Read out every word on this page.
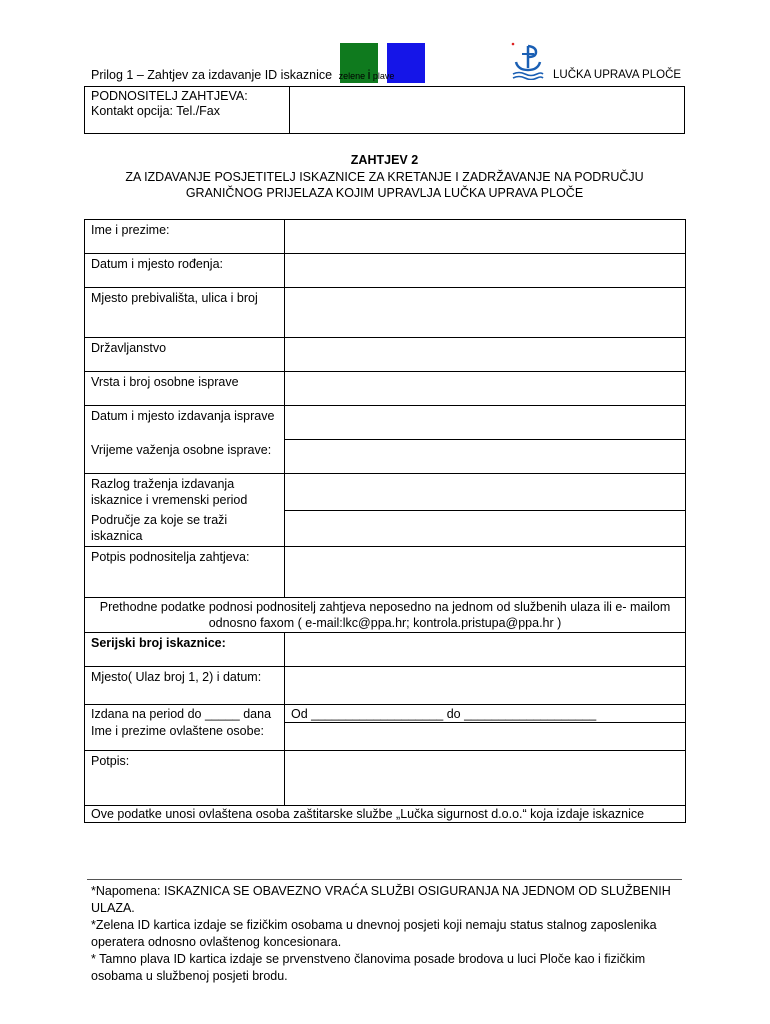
Prilog 1 – Zahtjev za izdavanje ID iskaznice zelene i plave	LUČKA UPRAVA PLOČE
PODNOSITELJ ZAHTJEVA:
Kontakt opcija: Tel./Fax
ZAHTJEV 2
ZA IZDAVANJE POSJETITELJ ISKAZNICE ZA KRETANJE I ZADRŽAVANJE NA PODRUČJU
GRANIČNOG PRIJELAZA KOJIM UPRAVLJA LUČKA UPRAVA PLOČE
Ime i prezime:	
Datum i mjesto rođenja:	
Mjesto prebivališta, ulica i broj	
Državljanstvo	
Vrsta i broj osobne isprave	
Datum i mjesto izdavanja isprave	
Vrijeme važenja osobne isprave:	
Razlog traženja izdavanja iskaznice i vremenski period	
Područje za koje se traži iskaznica	
Potpis podnositelja zahtjeva:	
Prethodne podatke podnosi podnositelj zahtjeva neposedno na jednom od službenih ulaza ili e- mailom odnosno faxom ( e-mail:lkc@ppa.hr; kontrola.pristupa@ppa.hr )	
Serijski broj iskaznice:	
Mjesto( Ulaz broj 1, 2) i datum:	
Izdana na period do _____ dana	Od ___________________ do ___________________
Ime i prezime ovlaštene osobe:	
Potpis:	
Ove podatke unosi ovlaštena osoba zaštitarske službe „Lučka sigurnost d.o.o.“ koja izdaje iskaznice	

*Napomena: ISKAZNICA SE OBAVEZNO VRAĆA SLUŽBI OSIGURANJA NA JEDNOM OD SLUŽBENIH ULAZA.

*Zelena ID kartica izdaje se fizičkim osobama u dnevnoj posjeti koji nemaju status stalnog zaposlenika operatera odnosno ovlaštenog koncesionara.

* Tamno plava ID kartica izdaje se prvenstveno članovima posade brodova u luci Ploče kao i fizičkim osobama u službenoj posjeti brodu.
